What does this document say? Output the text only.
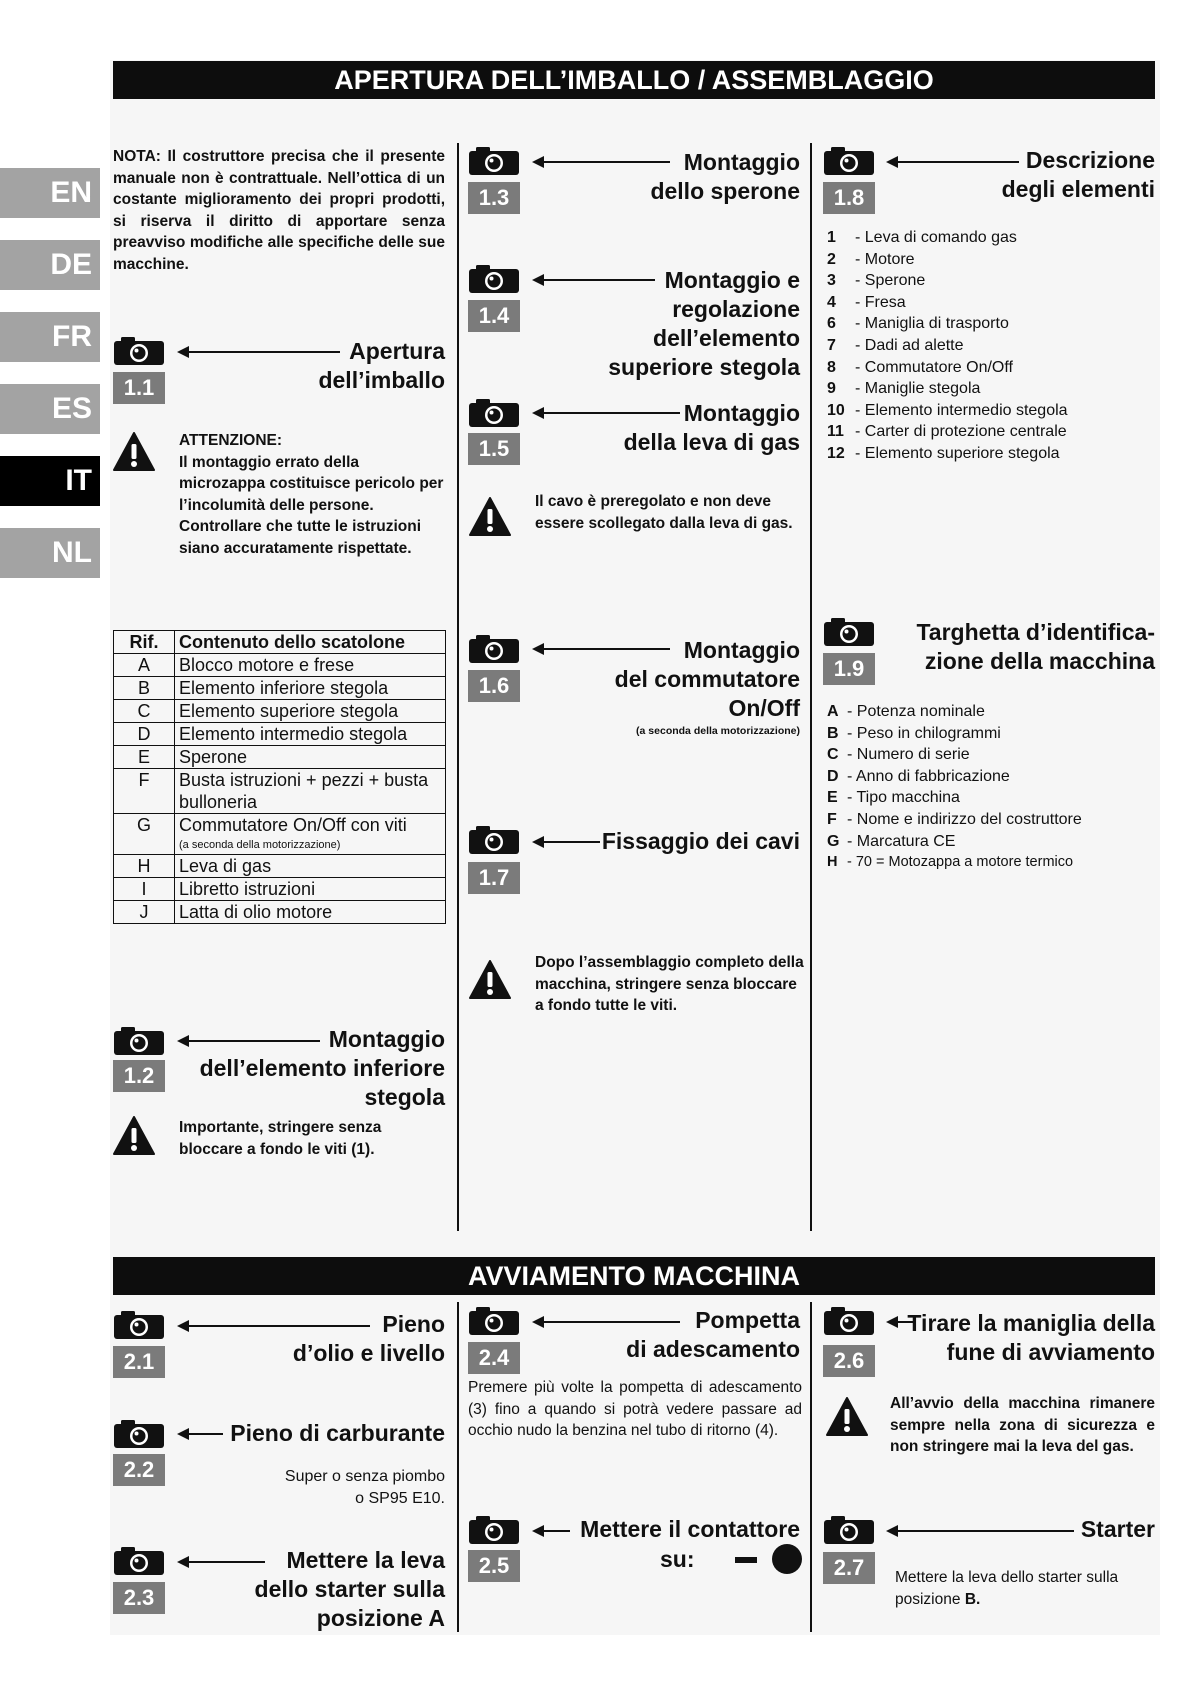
EN
DE
FR
ES
IT
NL
APERTURA DELL’IMBALLO / ASSEMBLAGGIO
NOTA: Il costruttore precisa che il presente manuale non è contrattuale. Nell’ottica di un costante miglioramento dei propri prodotti, si riserva il diritto di apportare senza preavviso modifiche alle specifiche delle sue macchine.
1.1
Apertura
dell’imballo
ATTENZIONE:
Il montaggio errato della microzappa costituisce pericolo per l’incolumità delle persone. Controllare che tutte le istruzioni siano accuratamente rispettate.
Rif.	Contenuto dello scatolone
A	Blocco motore e frese
B	Elemento inferiore stegola
C	Elemento superiore stegola
D	Elemento intermedio stegola
E	Sperone
F	Busta istruzioni + pezzi + busta bulloneria
G	Commutatore On/Off con viti
(a seconda della motorizzazione)

H	Leva di gas
I	Libretto istruzioni
J	Latta di olio motore
1.2
Montaggio
dell’elemento inferiore
stegola
Importante, stringere senza bloccare a fondo le viti (1).
1.3
Montaggio
dello sperone
1.4
Montaggio e
regolazione dell’elemento
superiore stegola
1.5
Montaggio
della leva di gas
Il cavo è preregolato e non deve essere scollegato dalla leva di gas.
1.6
Montaggio
del commutatore
On/Off
(a seconda della motorizzazione)
1.7
Fissaggio dei cavi
Dopo l’assemblaggio completo della macchina, stringere senza bloccare a fondo tutte le viti.
1.8
Descrizione
degli elementi
1 - Leva di comando gas
2 - Motore
3 - Sperone
4 - Fresa
6 - Maniglia di trasporto
7 - Dadi ad alette
8 - Commutatore On/Off
9 - Maniglie stegola
10 - Elemento intermedio stegola
11 - Carter di protezione centrale
12 - Elemento superiore stegola
1.9
Targhetta d’identifica-
zione della macchina
A - Potenza nominale
B - Peso in chilogrammi
C - Numero di serie
D - Anno di fabbricazione
E - Tipo macchina
F - Nome e indirizzo del costruttore
G - Marcatura CE
H - 70 = Motozappa a motore termico
AVVIAMENTO MACCHINA
2.1
Pieno
d’olio e livello
2.2
Pieno di carburante
Super o senza piombo
o SP95 E10.
2.3
Mettere la leva
dello starter sulla
posizione A
2.4
Pompetta
di adescamento
Premere più volte la pompetta di adescamento (3) fino a quando si potrà vedere passare ad occhio nudo la benzina nel tubo di ritorno (4).
2.5
Mettere il contattore
su:
2.6
Tirare la maniglia della
fune di avviamento
All’avvio della macchina rimanere sempre nella zona di sicurezza e non stringere mai la leva del gas.
2.7
Starter
Mettere la leva dello starter sulla
posizione B.
